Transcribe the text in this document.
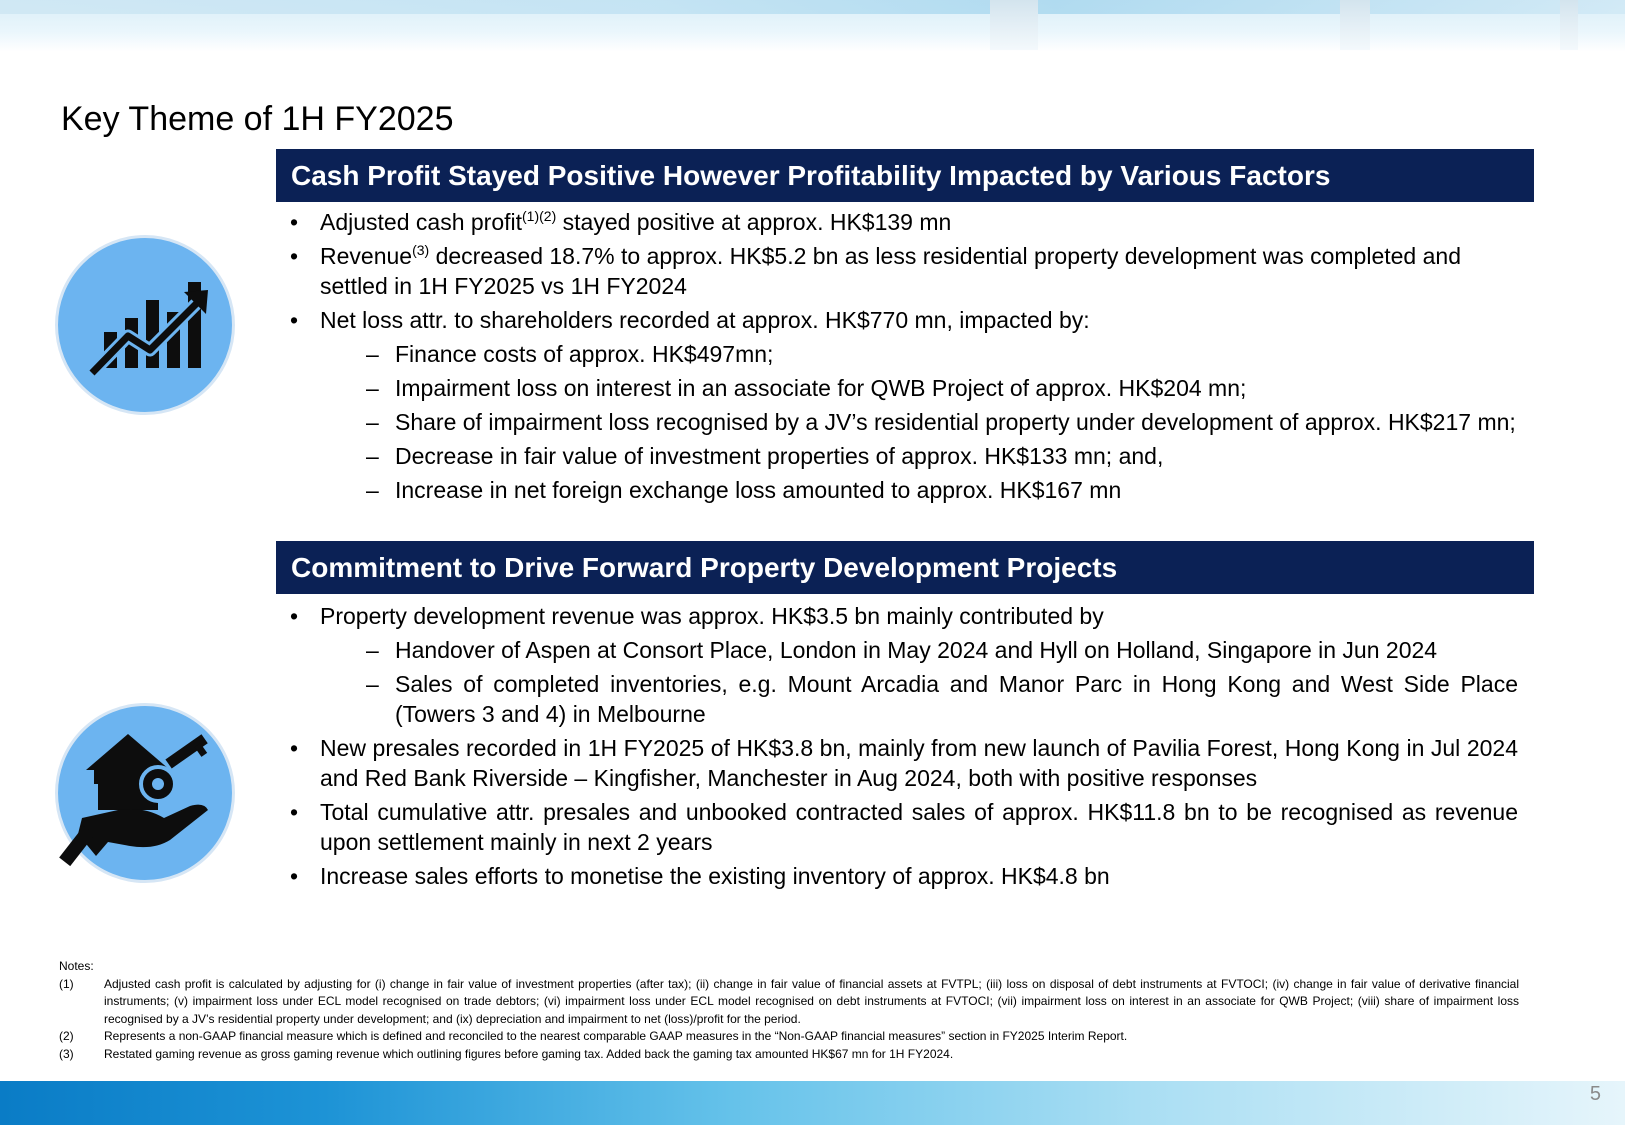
Key Theme of 1H FY2025
Cash Profit Stayed Positive However Profitability Impacted by Various Factors
• Adjusted cash profit$^{(1)(2)}$ stayed positive at approx. HK$139 mn
• Revenue$^{(3)}$ decreased 18.7% to approx. HK$5.2 bn as less residential property development was completed and settled in 1H FY2025 vs 1H FY2024
• Net loss attr. to shareholders recorded at approx. HK$770 mn, impacted by:
– Finance costs of approx. HK$497mn;
– Impairment loss on interest in an associate for QWB Project of approx. HK$204 mn;
– Share of impairment loss recognised by a JV’s residential property under development of approx. HK$217 mn;
– Decrease in fair value of investment properties of approx. HK$133 mn; and,
– Increase in net foreign exchange loss amounted to approx. HK$167 mn
Commitment to Drive Forward Property Development Projects
• Property development revenue was approx. HK$3.5 bn mainly contributed by
– Handover of Aspen at Consort Place, London in May 2024 and Hyll on Holland, Singapore in Jun 2024
– Sales of completed inventories, e.g. Mount Arcadia and Manor Parc in Hong Kong and West Side Place (Towers 3 and 4) in Melbourne
• New presales recorded in 1H FY2025 of HK$3.8 bn, mainly from new launch of Pavilia Forest, Hong Kong in Jul 2024 and Red Bank Riverside – Kingfisher, Manchester in Aug 2024, both with positive responses
• Total cumulative attr. presales and unbooked contracted sales of approx. HK$11.8 bn to be recognised as revenue upon settlement mainly in next 2 years
• Increase sales efforts to monetise the existing inventory of approx. HK$4.8 bn
Notes:
(1)	Adjusted cash profit is calculated by adjusting for (i) change in fair value of investment properties (after tax); (ii) change in fair value of financial assets at FVTPL; (iii) loss on disposal of debt instruments at FVTOCI; (iv) change in fair value of derivative financial instruments; (v) impairment loss under ECL model recognised on trade debtors; (vi) impairment loss under ECL model recognised on debt instruments at FVTOCI; (vii) impairment loss on interest in an associate for QWB Project; (viii) share of impairment loss recognised by a JV’s residential property under development; and (ix) depreciation and impairment to net (loss)/profit for the period.
(2)	Represents a non-GAAP financial measure which is defined and reconciled to the nearest comparable GAAP measures in the “Non-GAAP financial measures” section in FY2025 Interim Report.
(3)	Restated gaming revenue as gross gaming revenue which outlining figures before gaming tax. Added back the gaming tax amounted HK$67 mn for 1H FY2024.
5
